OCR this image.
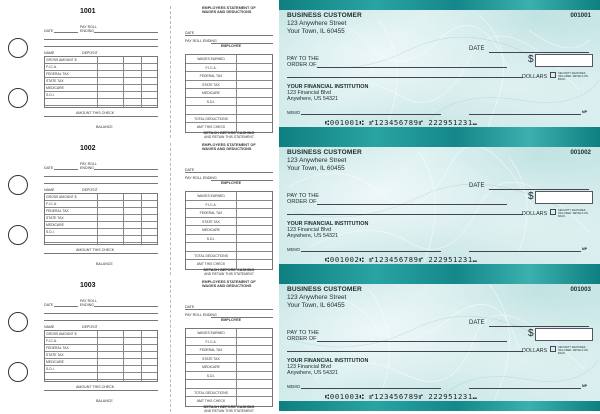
1001
PAY ROLL
ENDING
DATE
NAME	DEPOSIT
GROSS AMOUNT $
F.I.C.A.
FEDERAL TAX
STATE TAX
MEDICARE
S.D.I.
AMOUNT THIS CHECK
BALANCE
EMPLOYEES STATEMENT OF WAGES AND DEDUCTIONS
DATE
PAY ROLL ENDING
EMPLOYEE
WAGES EARNED
F.I.C.A.
FEDERAL TAX
STATE TAX
MEDICARE
S.D.I.
TOTAL DEDUCTIONS
AMT THIS CHECK
DETACH BEFORE CASHING
AND RETAIN THIS STATEMENT
BUSINESS CUSTOMER
123 Anywhere Street
Your Town, IL 60455
001001
DATE
PAY TO THE
ORDER OF
$
DOLLARS
SECURITY FEATURES INCLUDED. DETAILS ON BACK.
YOUR FINANCIAL INSTITUTION
123 Financial Blvd
Anywhere, US 54321
MEMO	MP
⑆001001⑆ ⑈123456789⑈ 222951231⑉
1002
PAY ROLL
ENDING
DATE
NAME	DEPOSIT
GROSS AMOUNT $
F.I.C.A.
FEDERAL TAX
STATE TAX
MEDICARE
S.D.I.
AMOUNT THIS CHECK
BALANCE
EMPLOYEES STATEMENT OF WAGES AND DEDUCTIONS
DATE
PAY ROLL ENDING
EMPLOYEE
WAGES EARNED
F.I.C.A.
FEDERAL TAX
STATE TAX
MEDICARE
S.D.I.
TOTAL DEDUCTIONS
AMT THIS CHECK
DETACH BEFORE CASHING
AND RETAIN THIS STATEMENT
BUSINESS CUSTOMER
123 Anywhere Street
Your Town, IL 60455
001002
DATE
PAY TO THE
ORDER OF
$
DOLLARS
SECURITY FEATURES INCLUDED. DETAILS ON BACK.
YOUR FINANCIAL INSTITUTION
123 Financial Blvd
Anywhere, US 54321
MEMO	MP
⑆001002⑆ ⑈123456789⑈ 222951231⑉
1003
PAY ROLL
ENDING
DATE
NAME	DEPOSIT
GROSS AMOUNT $
F.I.C.A.
FEDERAL TAX
STATE TAX
MEDICARE
S.D.I.
AMOUNT THIS CHECK
BALANCE
EMPLOYEES STATEMENT OF WAGES AND DEDUCTIONS
DATE
PAY ROLL ENDING
EMPLOYEE
WAGES EARNED
F.I.C.A.
FEDERAL TAX
STATE TAX
MEDICARE
S.D.I.
TOTAL DEDUCTIONS
AMT THIS CHECK
DETACH BEFORE CASHING
AND RETAIN THIS STATEMENT
BUSINESS CUSTOMER
123 Anywhere Street
Your Town, IL 60455
001003
DATE
PAY TO THE
ORDER OF
$
DOLLARS
SECURITY FEATURES INCLUDED. DETAILS ON BACK.
YOUR FINANCIAL INSTITUTION
123 Financial Blvd
Anywhere, US 54321
MEMO	MP
⑆001003⑆ ⑈123456789⑈ 222951231⑉
